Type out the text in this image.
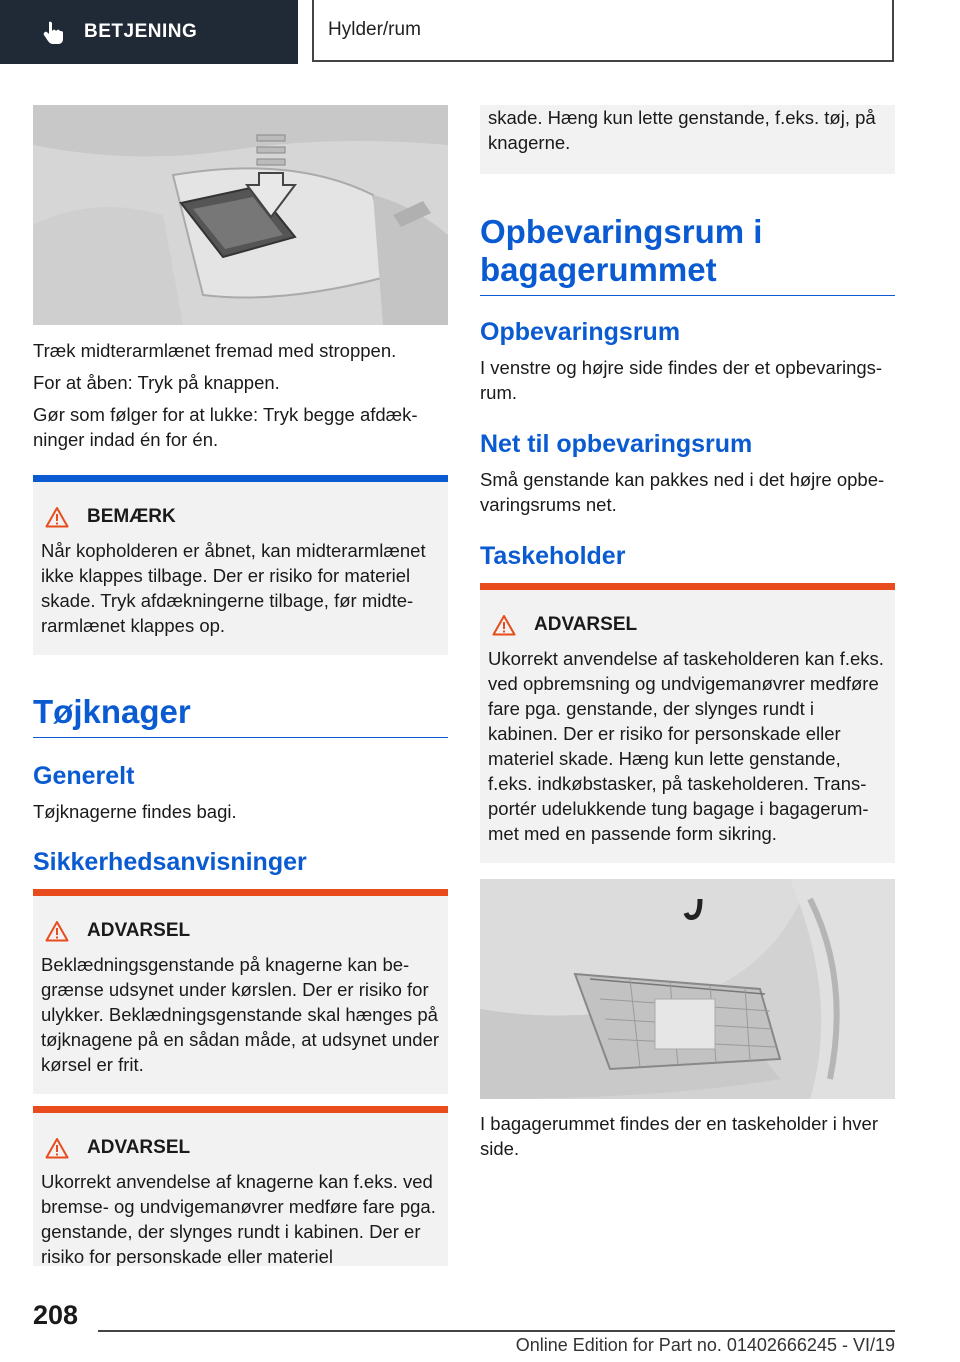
BETJENING	Hylder/rum

Træk midterarmlænet fremad med stroppen.

For at åben: Tryk på knappen.

Gør som følger for at lukke: Tryk begge afdæk-ninger indad én for én.

BEMÆRK
Når kopholderen er åbnet, kan midterarmlænet ikke klappes tilbage. Der er risiko for materiel skade. Tryk afdækningerne tilbage, før midte-rarmlænet klappes op.
Tøjknager
Generelt

Tøjknagerne findes bagi.

Sikkerhedsanvisninger
ADVARSEL
Beklædningsgenstande på knagerne kan be-grænse udsynet under kørslen. Der er risiko for ulykker. Beklædningsgenstande skal hænges på tøjknagene på en sådan måde, at udsynet under kørsel er frit.
ADVARSEL
Ukorrekt anvendelse af knagerne kan f.eks. ved bremse- og undvigemanøvrer medføre fare pga. genstande, der slynges rundt i kabinen. Der er risiko for personskade eller materiel
skade. Hæng kun lette genstande, f.eks. tøj, på knagerne.
Opbevaringsrum i bagagerummet
Opbevaringsrum

I venstre og højre side findes der et opbevarings-rum.

Net til opbevaringsrum

Små genstande kan pakkes ned i det højre opbe-varingsrums net.

Taskeholder
ADVARSEL
Ukorrekt anvendelse af taskeholderen kan f.eks. ved opbremsning og undvigemanøvrer medføre fare pga. genstande, der slynges rundt i kabinen. Der er risiko for personskade eller materiel skade. Hæng kun lette genstande, f.eks. indkøbstasker, på taskeholderen. Trans-portér udelukkende tung bagage i bagagerum-met med en passende form sikring.

I bagagerummet findes der en taskeholder i hver side.

208
Online Edition for Part no. 01402666245 - VI/19
